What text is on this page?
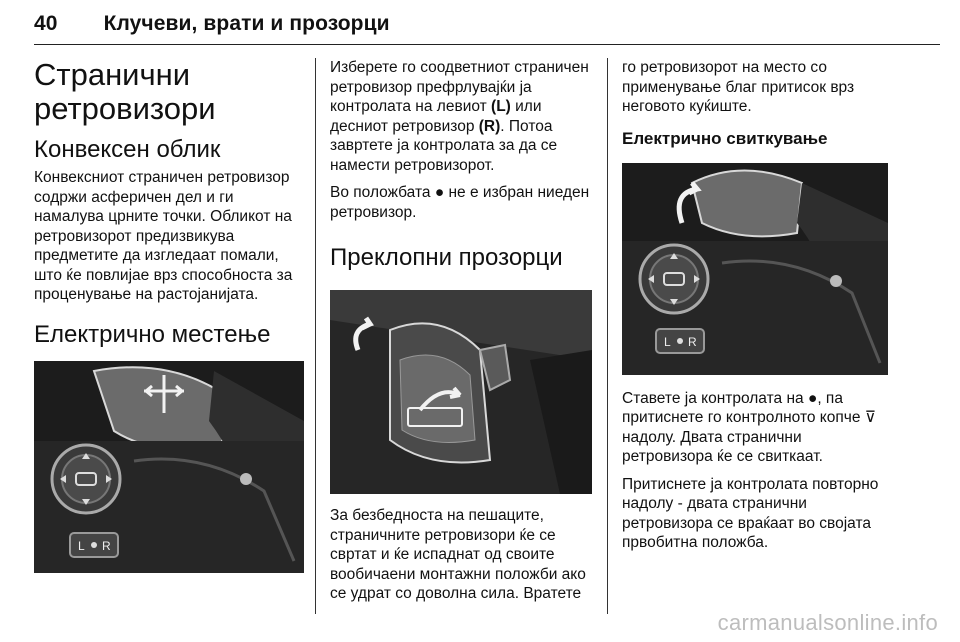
40 Клучеви, врати и прозорци
Странични ретровизори
Конвексен облик
Конвексниот страничен ретровизор содржи асферичен дел и ги намалува црните точки. Обликот на ретровизорот предизвикува предметите да изгледаат помали, што ќе повлијае врз способноста за проценување на растојанијата.
Електрично местење
L R
Изберете го соодветниот страничен ретровизор префрлувајќи ја контролата на левиот (L) или десниот ретровизор (R). Потоа завртете ја контролата за да се намести ретровизорот.
Во положбата ● не е избран ниеден ретровизор.
Преклопни прозорци
За безбедноста на пешаците, страничните ретровизори ќе се свртат и ќе испаднат од своите вообичаени монтажни положби ако се удрат со доволна сила. Вратете
го ретровизорот на место со применување благ притисок врз неговото куќиште.
Електрично свиткување
L R
Ставете ја контролата на ●, па притиснете го контролното копче ⊽ надолу. Двата странични ретровизора ќе се свиткаат.
Притиснете ја контролата повторно надолу - двата странични ретровизора се враќаат во својата првобитна положба.
carmanualsonline.info
